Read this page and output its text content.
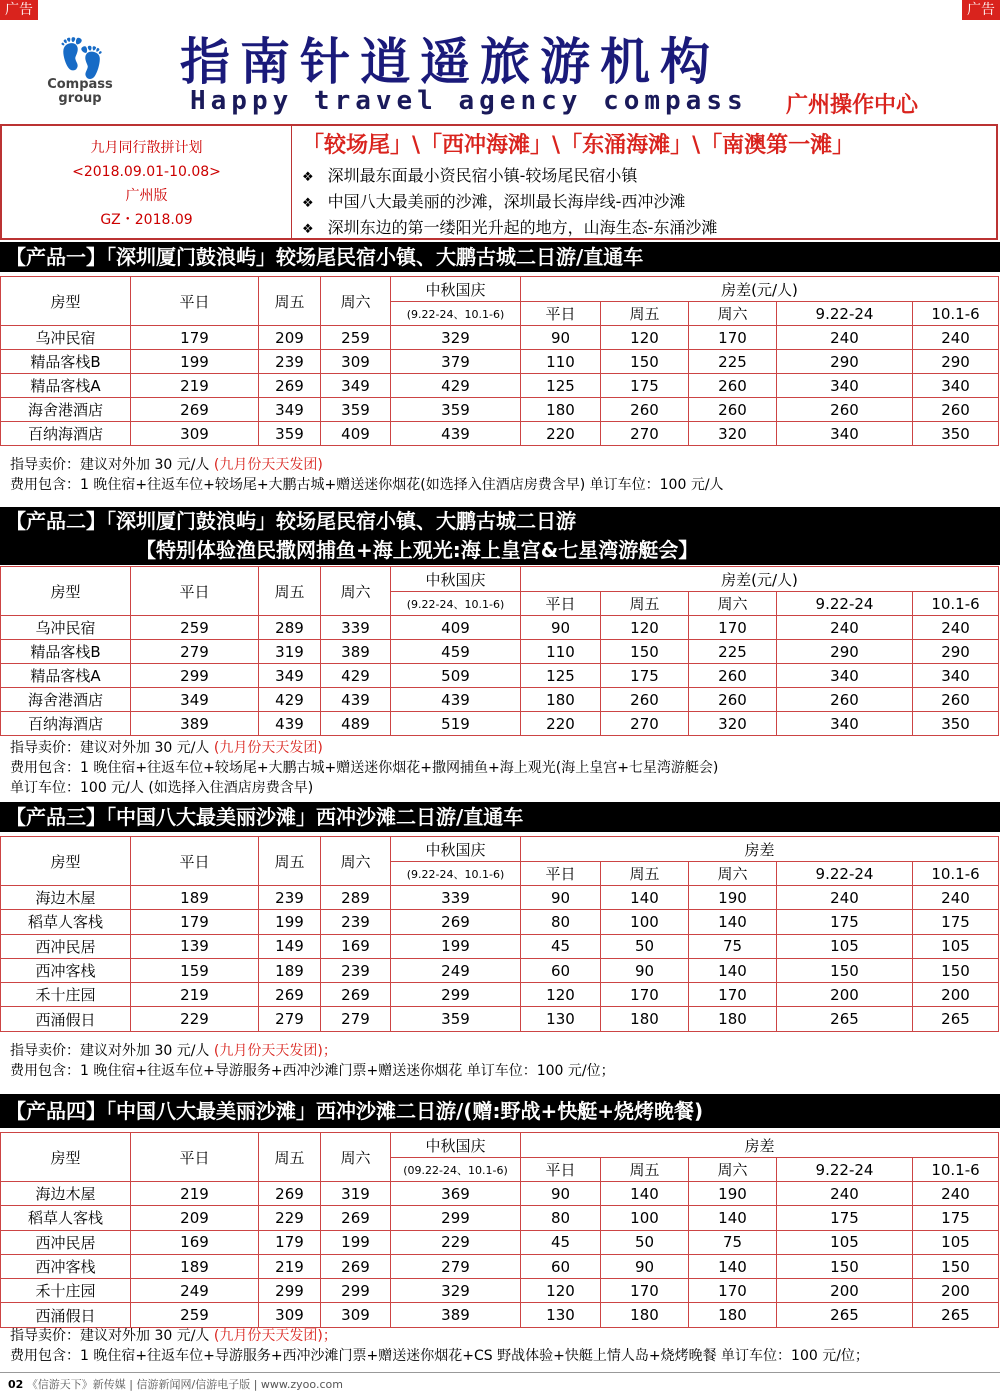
广告	广告
👣
Compass group
指南针逍遥旅游机构
Happy travel agency compass 广州操作中心
九月同行散拼计划
<2018.09.01-10.08>
广州版
GZ・2018.09
「较场尾」\「西冲海滩」\「东涌海滩」\「南澳第一滩」
❖ 深圳最东面最小资民宿小镇-较场尾民宿小镇
❖ 中国八大最美丽的沙滩，深圳最长海岸线-西冲沙滩
❖ 深圳东边的第一缕阳光升起的地方，山海生态-东涌沙滩
【产品一】「深圳厦门鼓浪屿」较场尾民宿小镇、大鹏古城二日游/直通车
房型	平日	周五	周六	中秋国庆	房差(元/人)				
				(9.22-24、10.1-6)	平日	周五	周六	9.22-24	10.1-6
乌冲民宿	179	209	259	329	90	120	170	240	240
精品客栈B	199	239	309	379	110	150	225	290	290
精品客栈A	219	269	349	429	125	175	260	340	340
海舍港酒店	269	349	359	359	180	260	260	260	260
百纳海酒店	309	359	409	439	220	270	320	340	350
指导卖价：建议对外加 30 元/人 (九月份天天发团)
费用包含：1 晚住宿+往返车位+较场尾+大鹏古城+赠送迷你烟花(如选择入住酒店房费含早) 单订车位：100 元/人
【产品二】「深圳厦门鼓浪屿」较场尾民宿小镇、大鹏古城二日游
【特别体验渔民撒网捕鱼+海上观光:海上皇宫&七星湾游艇会】
房型	平日	周五	周六	中秋国庆	房差(元/人)				
				(9.22-24、10.1-6)	平日	周五	周六	9.22-24	10.1-6
乌冲民宿	259	289	339	409	90	120	170	240	240
精品客栈B	279	319	389	459	110	150	225	290	290
精品客栈A	299	349	429	509	125	175	260	340	340
海舍港酒店	349	429	439	439	180	260	260	260	260
百纳海酒店	389	439	489	519	220	270	320	340	350
指导卖价：建议对外加 30 元/人 (九月份天天发团)
费用包含：1 晚住宿+往返车位+较场尾+大鹏古城+赠送迷你烟花+撒网捕鱼+海上观光(海上皇宫+七星湾游艇会)
单订车位：100 元/人 (如选择入住酒店房费含早)
【产品三】「中国八大最美丽沙滩」西冲沙滩二日游/直通车
房型	平日	周五	周六	中秋国庆	房差				
				(9.22-24、10.1-6)	平日	周五	周六	9.22-24	10.1-6
海边木屋	189	239	289	339	90	140	190	240	240
稻草人客栈	179	199	239	269	80	100	140	175	175
西冲民居	139	149	169	199	45	50	75	105	105
西冲客栈	159	189	239	249	60	90	140	150	150
禾十庄园	219	269	269	299	120	170	170	200	200
西涌假日	229	279	279	359	130	180	180	265	265
指导卖价：建议对外加 30 元/人 (九月份天天发团)；
费用包含：1 晚住宿+往返车位+导游服务+西冲沙滩门票+赠送迷你烟花 单订车位：100 元/位；
【产品四】「中国八大最美丽沙滩」西冲沙滩二日游/(赠:野战+快艇+烧烤晚餐)
房型	平日	周五	周六	中秋国庆	房差				
				(09.22-24、10.1-6)	平日	周五	周六	9.22-24	10.1-6
海边木屋	219	269	319	369	90	140	190	240	240
稻草人客栈	209	229	269	299	80	100	140	175	175
西冲民居	169	179	199	229	45	50	75	105	105
西冲客栈	189	219	269	279	60	90	140	150	150
禾十庄园	249	299	299	329	120	170	170	200	200
西涌假日	259	309	309	389	130	180	180	265	265
指导卖价：建议对外加 30 元/人 (九月份天天发团)；
费用包含：1 晚住宿+往返车位+导游服务+西冲沙滩门票+赠送迷你烟花+CS 野战体验+快艇上情人岛+烧烤晚餐 单订车位：100 元/位；
02 《信游天下》新传媒 | 信游新闻网/信游电子版 | www.zyoo.com
